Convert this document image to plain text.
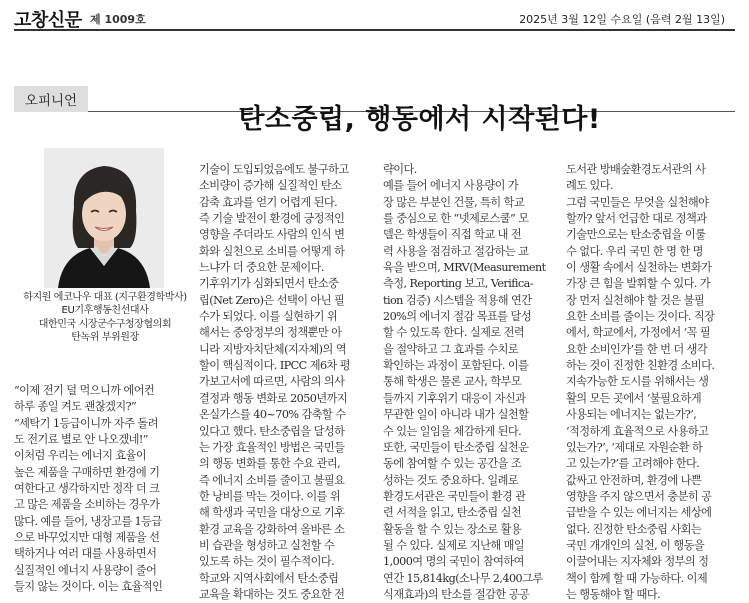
고창신문 제 1009호	2025년 3월 12일 수요일 (음력 2월 13일)
오피니언
탄소중립, 행동에서 시작된다!
하지원 에코나우 대표 (지구환경학박사)
EU기후행동친선대사
대한민국 시장군수구청장협의회
탄녹위 부위원장
“이제 전기 덜 먹으니까 에어컨
하루 종일 켜도 괜찮겠지?”
“세탁기 1등급이니까 자주 돌려
도 전기료 별로 안 나오겠네!”
이처럼 우리는 에너지 효율이
높은 제품을 구매하면 환경에 기
여한다고 생각하지만 정작 더 크
고 많은 제품을 소비하는 경우가
많다. 예를 들어, 냉장고를 1등급
으로 바꾸었지만 대형 제품을 선
택하거나 여러 대를 사용하면서
실질적인 에너지 사용량이 줄어
들지 않는 것이다. 이는 효율적인
기술이 도입되었음에도 불구하고
소비량이 증가해 실질적인 탄소
감축 효과를 얻기 어렵게 된다.
즉 기술 발전이 환경에 긍정적인
영향을 주더라도 사람의 인식 변
화와 실천으로 소비를 어떻게 하
느냐가 더 중요한 문제이다.
기후위기가 심화되면서 탄소중
립(Net Zero)은 선택이 아닌 필
수가 되었다. 이를 실현하기 위
해서는 중앙정부의 정책뿐만 아
니라 지방자치단체(지자체)의 역
할이 핵심적이다. IPCC 제6차 평
가보고서에 따르면, 사람의 의사
결정과 행동 변화로 2050년까지
온실가스를 40~70% 감축할 수
있다고 했다. 탄소중립을 달성하
는 가장 효율적인 방법은 국민들
의 행동 변화를 통한 수요 관리,
즉 에너지 소비를 줄이고 불필요
한 낭비를 막는 것이다. 이를 위
해 학생과 국민을 대상으로 기후
환경 교육을 강화하여 올바른 소
비 습관을 형성하고 실천할 수
있도록 하는 것이 필수적이다.
학교와 지역사회에서 탄소중립
교육을 확대하는 것도 중요한 전
략이다.
예를 들어 에너지 사용량이 가
장 많은 부분인 건물, 특히 학교
를 중심으로 한 “넷제로스쿨” 모
델은 학생들이 직접 학교 내 전
력 사용을 점검하고 절감하는 교
육을 받으며, MRV(Measurement
측정, Reporting 보고, Verifica-
tion 검증) 시스템을 적용해 연간
20%의 에너지 절감 목표를 달성
할 수 있도록 한다. 실제로 전력
을 절약하고 그 효과를 수치로
확인하는 과정이 포함된다. 이를
통해 학생은 물론 교사, 학부모
들까지 기후위기 대응이 자신과
무관한 일이 아니라 내가 실천할
수 있는 일임을 체감하게 된다.
또한, 국민들이 탄소중립 실천운
동에 참여할 수 있는 공간을 조
성하는 것도 중요하다. 일례로
환경도서관은 국민들이 환경 관
련 서적을 읽고, 탄소중립 실천
활동을 할 수 있는 장소로 활용
될 수 있다. 실제로 지난해 매일
1,000여 명의 국민이 참여하여
연간 15,814kg(소나무 2,400그루
식재효과)의 탄소를 절감한 공공
도서관 방배숲환경도서관의 사
례도 있다.
그럼 국민들은 무엇을 실천해야
할까? 앞서 언급한 대로 정책과
기술만으로는 탄소중립을 이룰
수 없다. 우리 국민 한 명 한 명
이 생활 속에서 실천하는 변화가
가장 큰 힘을 발휘할 수 있다. 가
장 먼저 실천해야 할 것은 불필
요한 소비를 줄이는 것이다. 직장
에서, 학교에서, 가정에서 ‘꼭 필
요한 소비인가’를 한 번 더 생각
하는 것이 진정한 친환경 소비다.
지속가능한 도시를 위해서는 생
활의 모든 곳에서 ‘불필요하게
사용되는 에너지는 없는가?’,
‘적정하게 효율적으로 사용하고
있는가?’, ‘제대로 자원순환 하
고 있는가?’를 고려해야 한다.
값싸고 안전하며, 환경에 나쁜
영향을 주지 않으면서 충분히 공
급받을 수 있는 에너지는 세상에
없다. 진정한 탄소중립 사회는
국민 개개인의 실천, 이 행동을
이끌어내는 지자체와 정부의 정
책이 함께 할 때 가능하다. 이제
는 행동해야 할 때다.
